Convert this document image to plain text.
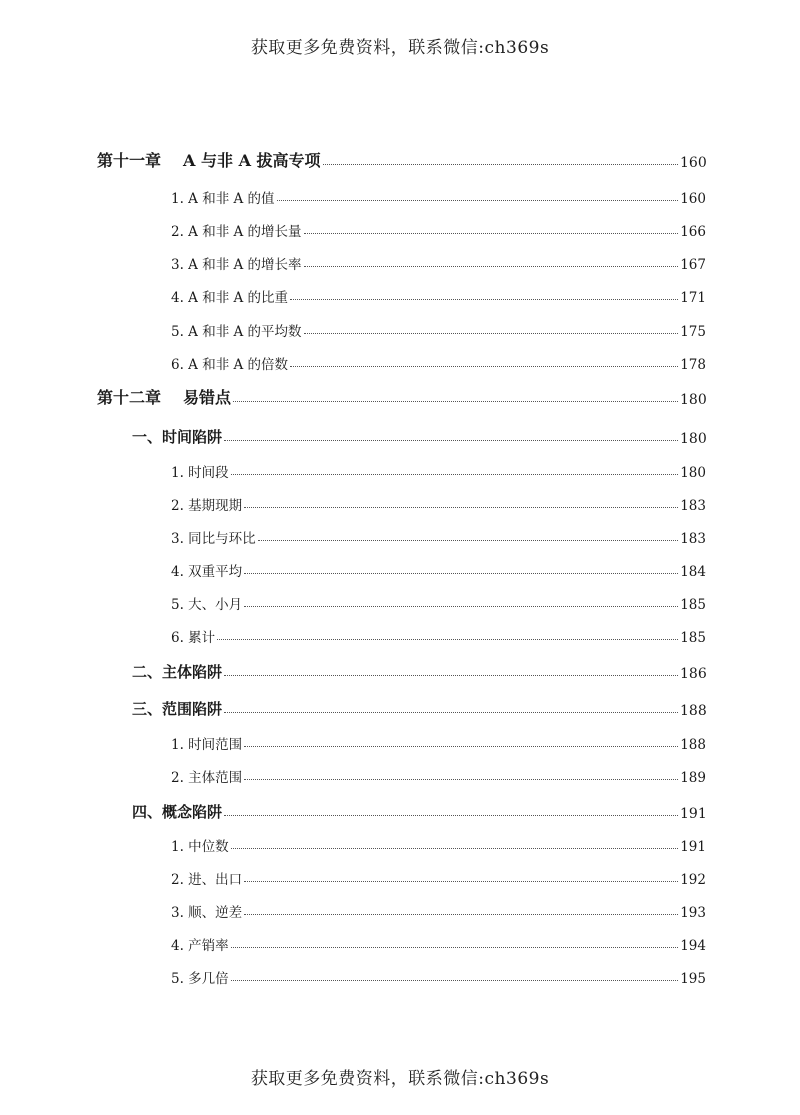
获取更多免费资料，联系微信:ch369s
第十一章 A 与非 A 拔高专项	160
1. A 和非 A 的值	160
2. A 和非 A 的增长量	166
3. A 和非 A 的增长率	167
4. A 和非 A 的比重	171
5. A 和非 A 的平均数	175
6. A 和非 A 的倍数	178
第十二章 易错点	180
一、时间陷阱	180
1. 时间段	180
2. 基期现期	183
3. 同比与环比	183
4. 双重平均	184
5. 大、小月	185
6. 累计	185
二、主体陷阱	186
三、范围陷阱	188
1. 时间范围	188
2. 主体范围	189
四、概念陷阱	191
1. 中位数	191
2. 进、出口	192
3. 顺、逆差	193
4. 产销率	194
5. 多几倍	195
获取更多免费资料，联系微信:ch369s
